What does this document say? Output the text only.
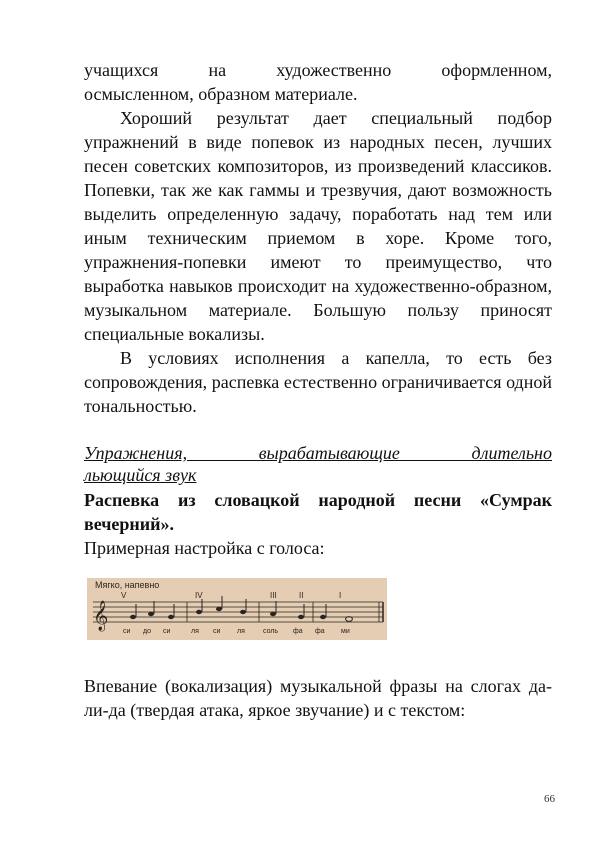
учащихся на художественно оформленном,

осмысленном, образном материале.

Хороший результат дает специальный подбор упражнений в виде попевок из народных песен, лучших песен советских композиторов, из произведений классиков. Попевки, так же как гаммы и трезвучия, дают возможность выделить определенную задачу, поработать над тем или иным техническим приемом в хоре. Кроме того, упражнения-попевки имеют то преимущество, что выработка навыков происходит на художественно-образном, музыкальном материале. Большую пользу приносят специальные вокализы.

В условиях исполнения а капелла, то есть без сопровождения, распевка естественно ограничивается одной тональностью.

Упражнения, вырабатывающие длительно
льющийся звук

Распевка из словацкой народной песни «Сумрак вечерний».

Примерная настройка с голоса:

Мягко, напевно
V	IV	III	II	I
𝄞
си до си	ля си ля	соль фа фа ми

Впевание (вокализация) музыкальной фразы на слогах да-ли-да (твердая атака, яркое звучание) и с текстом:

66
